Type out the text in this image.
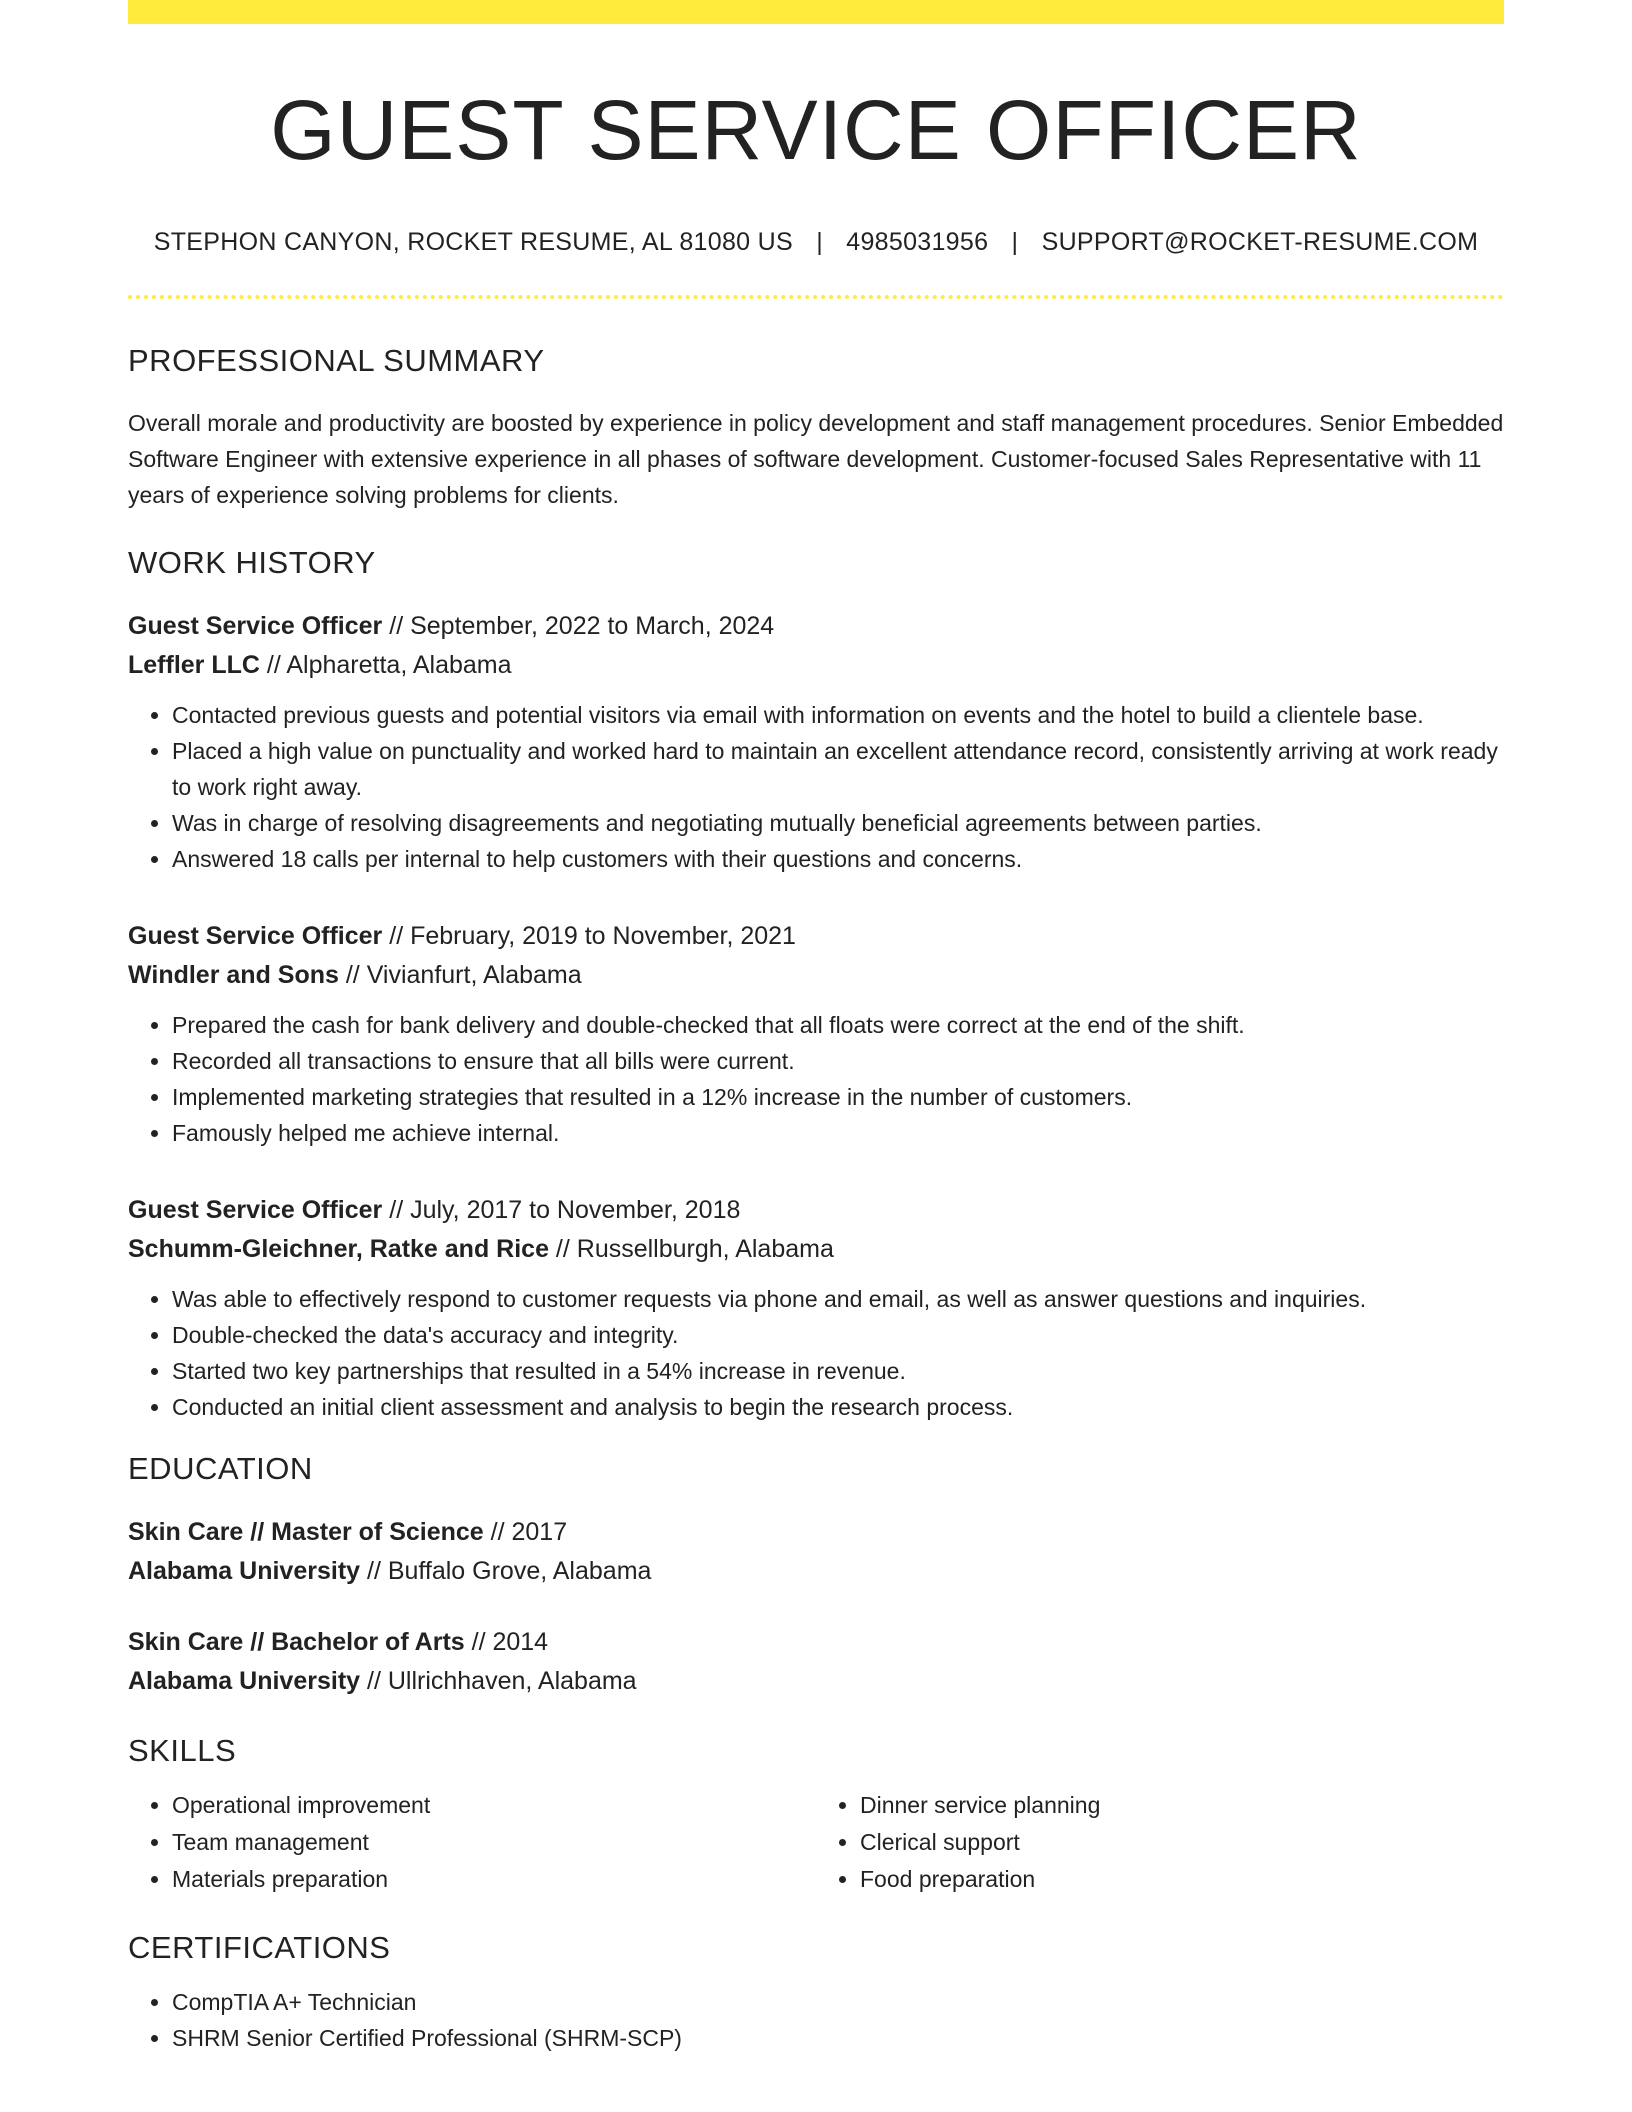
GUEST SERVICE OFFICER
STEPHON CANYON, ROCKET RESUME, AL 81080 US | 4985031956 | SUPPORT@ROCKET-RESUME.COM
PROFESSIONAL SUMMARY
Overall morale and productivity are boosted by experience in policy development and staff management procedures. Senior Embedded Software Engineer with extensive experience in all phases of software development. Customer-focused Sales Representative with 11 years of experience solving problems for clients.
WORK HISTORY
Guest Service Officer // September, 2022 to March, 2024
Leffler LLC // Alpharetta, Alabama
• Contacted previous guests and potential visitors via email with information on events and the hotel to build a clientele base.
• Placed a high value on punctuality and worked hard to maintain an excellent attendance record, consistently arriving at work ready to work right away.
• Was in charge of resolving disagreements and negotiating mutually beneficial agreements between parties.
• Answered 18 calls per internal to help customers with their questions and concerns.
Guest Service Officer // February, 2019 to November, 2021
Windler and Sons // Vivianfurt, Alabama
• Prepared the cash for bank delivery and double-checked that all floats were correct at the end of the shift.
• Recorded all transactions to ensure that all bills were current.
• Implemented marketing strategies that resulted in a 12% increase in the number of customers.
• Famously helped me achieve internal.
Guest Service Officer // July, 2017 to November, 2018
Schumm-Gleichner, Ratke and Rice // Russellburgh, Alabama
• Was able to effectively respond to customer requests via phone and email, as well as answer questions and inquiries.
• Double-checked the data's accuracy and integrity.
• Started two key partnerships that resulted in a 54% increase in revenue.
• Conducted an initial client assessment and analysis to begin the research process.
EDUCATION
Skin Care // Master of Science // 2017
Alabama University // Buffalo Grove, Alabama
Skin Care // Bachelor of Arts // 2014
Alabama University // Ullrichhaven, Alabama
SKILLS
• Operational improvement
• Team management
• Materials preparation
• Dinner service planning
• Clerical support
• Food preparation
CERTIFICATIONS
• CompTIA A+ Technician
• SHRM Senior Certified Professional (SHRM-SCP)
